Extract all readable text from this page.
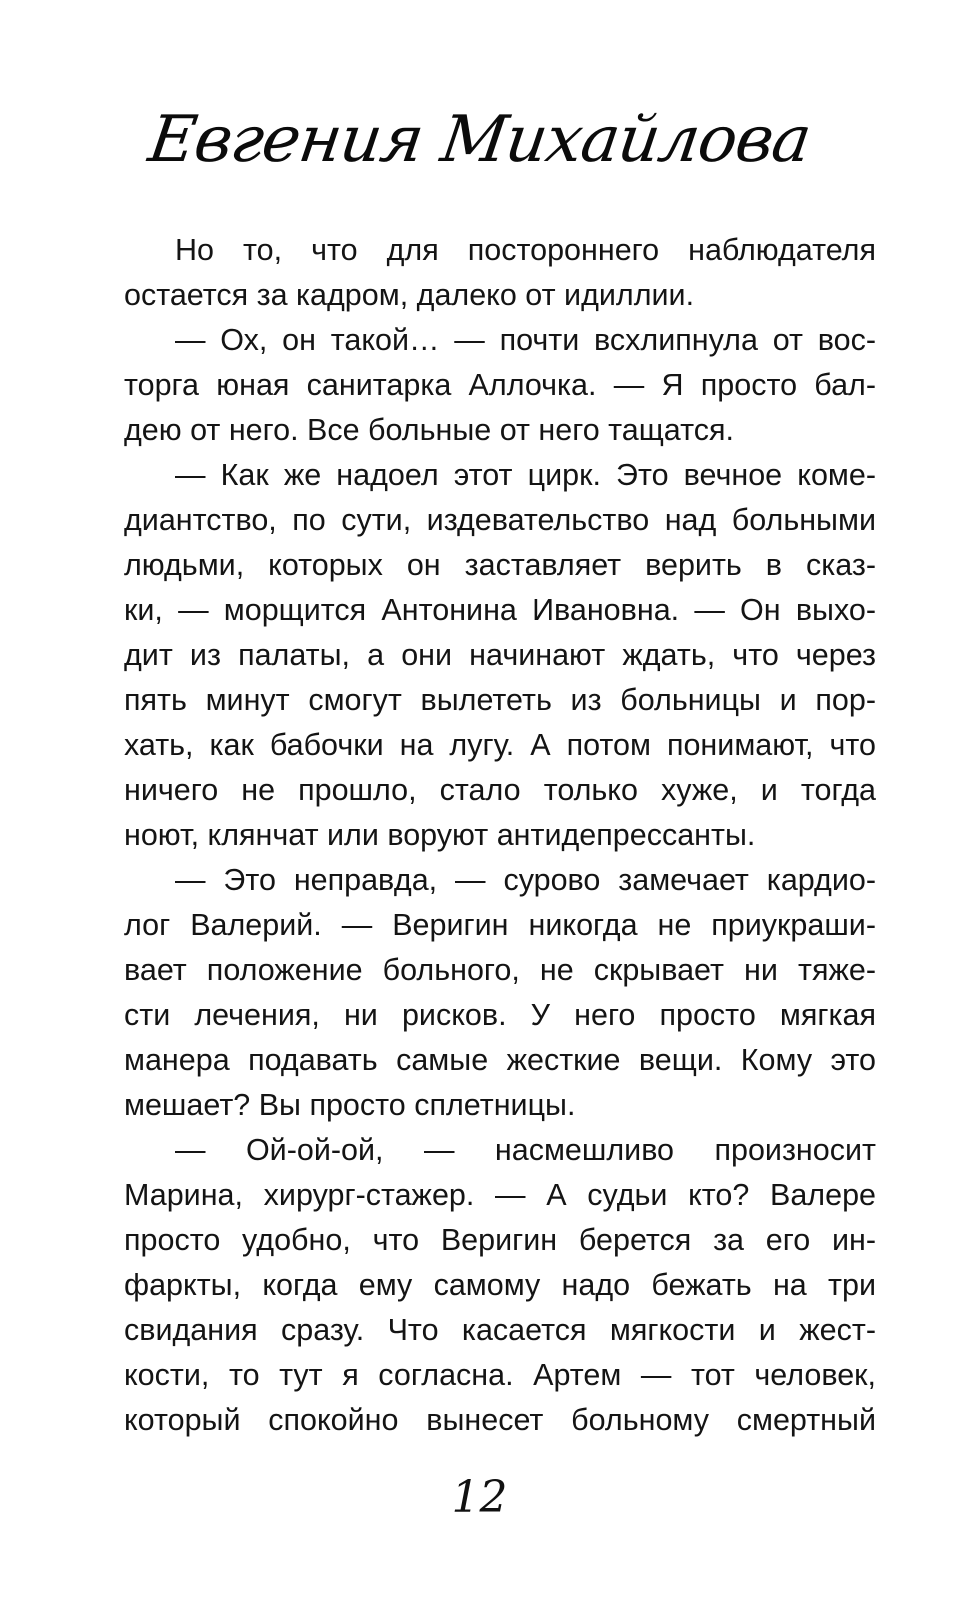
Евгения Михайлова
Но то, что для постороннего наблюдателя
остается за кадром, далеко от идиллии.
— Ох, он такой… — почти всхлипнула от вос-
торга юная санитарка Аллочка. — Я просто бал-
дею от него. Все больные от него тащатся.
— Как же надоел этот цирк. Это вечное коме-
диантство, по сути, издевательство над больными
людьми, которых он заставляет верить в сказ-
ки, — морщится Антонина Ивановна. — Он выхо-
дит из палаты, а они начинают ждать, что через
пять минут смогут вылететь из больницы и пор-
хать, как бабочки на лугу. А потом понимают, что
ничего не прошло, стало только хуже, и тогда
ноют, клянчат или воруют антидепрессанты.
— Это неправда, — сурово замечает кардио-
лог Валерий. — Веригин никогда не приукраши-
вает положение больного, не скрывает ни тяже-
сти лечения, ни рисков. У него просто мягкая
манера подавать самые жесткие вещи. Кому это
мешает? Вы просто сплетницы.
— Ой-ой-ой, — насмешливо произносит
Марина, хирург-стажер. — А судьи кто? Валере
просто удобно, что Веригин берется за его ин-
фаркты, когда ему самому надо бежать на три
свидания сразу. Что касается мягкости и жест-
кости, то тут я согласна. Артем — тот человек,
который спокойно вынесет больному смертный
12
